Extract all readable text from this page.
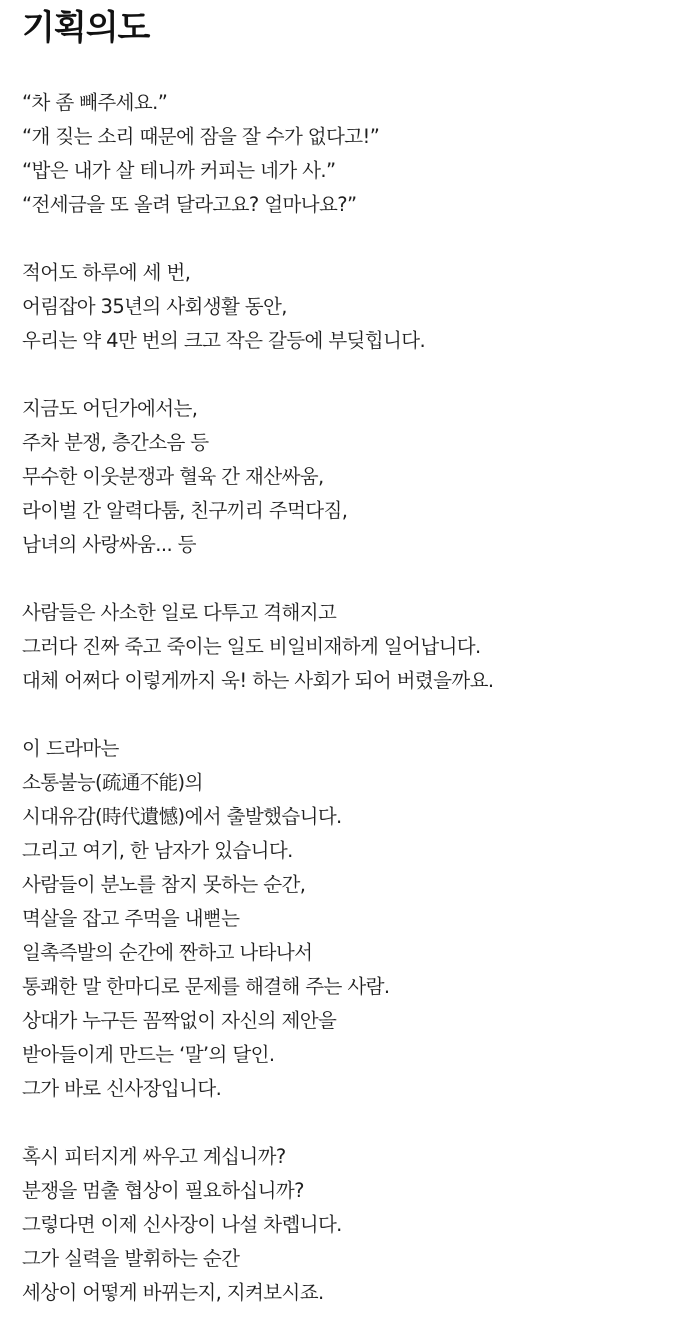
기획의도
“차 좀 빼주세요.”
“개 짖는 소리 때문에 잠을 잘 수가 없다고!”
“밥은 내가 살 테니까 커피는 네가 사.”
“전세금을 또 올려 달라고요? 얼마나요?”
적어도 하루에 세 번,
어림잡아 35년의 사회생활 동안,
우리는 약 4만 번의 크고 작은 갈등에 부딪힙니다.
지금도 어딘가에서는,
주차 분쟁, 층간소음 등
무수한 이웃분쟁과 혈육 간 재산싸움,
라이벌 간 알력다툼, 친구끼리 주먹다짐,
남녀의 사랑싸움... 등
사람들은 사소한 일로 다투고 격해지고
그러다 진짜 죽고 죽이는 일도 비일비재하게 일어납니다.
대체 어쩌다 이렇게까지 욱! 하는 사회가 되어 버렸을까요.
이 드라마는
소통불능(疏通不能)의
시대유감(時代遺憾)에서 출발했습니다.
그리고 여기, 한 남자가 있습니다.
사람들이 분노를 참지 못하는 순간,
멱살을 잡고 주먹을 내뻗는
일촉즉발의 순간에 짠하고 나타나서
통쾌한 말 한마디로 문제를 해결해 주는 사람.
상대가 누구든 꼼짝없이 자신의 제안을
받아들이게 만드는 ‘말’의 달인.
그가 바로 신사장입니다.
혹시 피터지게 싸우고 계십니까?
분쟁을 멈출 협상이 필요하십니까?
그렇다면 이제 신사장이 나설 차롑니다.
그가 실력을 발휘하는 순간
세상이 어떻게 바뀌는지, 지켜보시죠.
